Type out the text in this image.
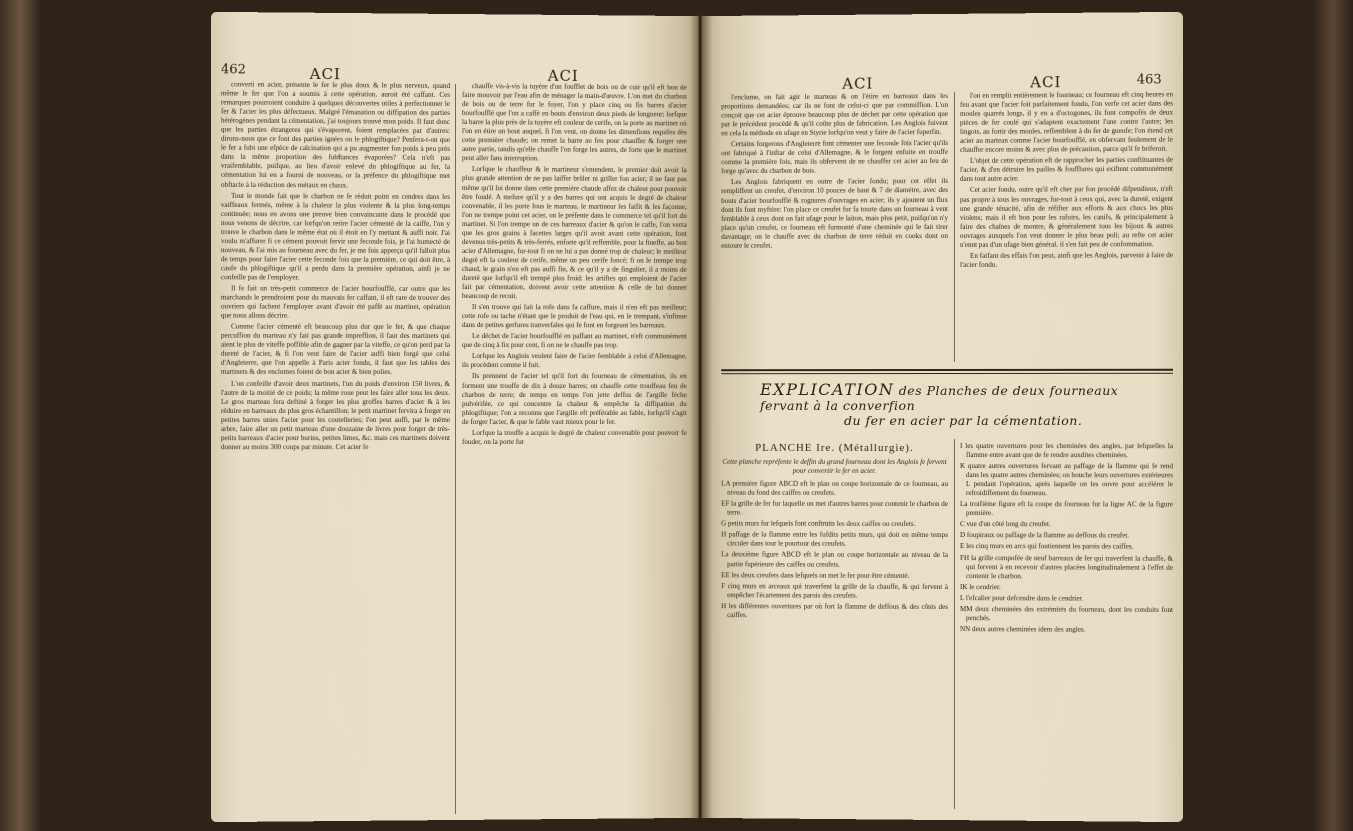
462	ACI	ACI

converti en acier, présente le fer le plus doux & le plus nerveux, quand même le fer que l'on a soumis à cette opération, auroit été caffant. Ces remarques pourroient conduire à quelques découvertes utiles à perfectionner le fer & l'acier les plus défectueux. Malgré l'émanation ou diffipation des parties hétérogènes pendant la cémentation, j'ai toujours trouvé mon poids. Il faut donc que les parties étrangeres qui s'évaporent, foient remplacées par d'autres: dirons-nous que ce font des parties ignées ou le phlogiftique? Penfera-t-on que le fer a fubi une efpèce de calcination qui a pu augmenter fon poids à peu près dans la même proportion des fubftances évaporées? Cela n'eft pas vraifemblable, puifque, au lieu d'avoir enlevé du phlogiftique au fer, la cémentation lui en a fourni de nouveau, or la préfence du phlogiftique met obftacle à la réduction des métaux en chaux.

Tout le monde fait que le charbon ne fe réduit point en cendres dans les vaiffeaux fermés, même à la chaleur la plus violente & la plus long-temps continuée; nous en avons une preuve bien convaincante dans le procédé que nous venons de décrire, car lorfqu'on retire l'acier cémenté de la caiffe, l'on y trouve le charbon dans le même état où il étoit en l'y mettant & auffi noir. J'ai voulu m'affurer fi ce cément pouvoit fervir une feconde fois, je l'ai humecté de nouveau, & l'ai mis au fourneau avec du fer, je me fuis apperçu qu'il falloit plus de temps pour faire l'acier cette feconde fois que la première, ce qui doit être, à caufe du phlogiftique qu'il a perdu dans la première opération, ainfi je ne confeille pas de l'employer.

Il fe fait un très-petit commerce de l'acier bourfoufflé, car outre que les marchands le prendroient pour du mauvais fer caffant, il eft rare de trouver des ouvriers qui fachent l'employer avant d'avoir été paffé au martinet, opération que nous allons décrire.

Comme l'acier cémenté eft beaucoup plus dur que le fer, & que chaque percuffion du marteau n'y fait pas grande impreffion, il faut des martinets qui aient le plus de viteffe poffible afin de gagner par la viteffe, ce qu'on perd par la dureté de l'acier, & fi l'on veut faire de l'acier auffi bien forgé que celui d'Angleterre, que l'on appelle à Paris acier fondu, il faut que les tables des martinets & des enclumes foient de bon acier & bien polies.

L'on confeille d'avoir deux martinets, l'un du poids d'environ 150 livres, & l'autre de la moitié de ce poids; la même roue peut les faire aller tous les deux. Le gros marteau fera deftiné à forger les plus groffes barres d'acier & à les réduire en barreaux du plus gros échantillon; le petit martinet fervira à forger en petites barres unies l'acier pour les coutelleries; l'on peut auffi, par le même arbre, faire aller un petit marteau d'une douzaine de livres pour forger de très-petits barreaux d'acier pour burins, petites limes, &c. mais ces martinets doivent donner au moins 300 coups par minute. Cet acier fe

chauffe vis-à-vis la tuyère d'un foufflet de bois ou de cuir qu'il eft bon de faire mouvoir par l'eau afin de ménager la main-d'œuvre. L'on met du charbon de bois ou de terre fur le foyer, l'on y place cinq ou fix barres d'acier bourfoufflé que l'on a caffé en bouts d'environ deux pieds de longueur; lorfque la barre la plus près de la tuyère eft couleur de cerife, on la porte au martinet où l'on en étire un bout auquel, fi l'on veut, on donne les dimenfions requifes dès cette première chaude; on remet la barre au feu pour chauffer & forger une autre partie, tandis qu'elle chauffe l'on forge les autres, de forte que le martinet peut aller fans interruption.

Lorfque le chauffeur & le martineur s'entendent, le premier doit avoir la plus grande attention de ne pas laiffer brûler ni griller fon acier; il ne faut pas même qu'il lui donne dans cette première chaude affez de chaleur pour pouvoir être foudé. A mefure qu'il y a des barres qui ont acquis le degré de chaleur convenable, il les porte fous le marteau, le martineur les faifit & les façonne, l'on ne trempe point cet acier, on le préfente dans le commerce tel qu'il fort du martinet. Si l'on trempe un de ces barreaux d'acier & qu'on le caffe, l'on verra que les gros grains à facettes larges qu'il avoit avant cette opération, font devenus très-petits & très-ferrés, enforte qu'il reffemble, pour la fineffe, au bon acier d'Allemagne, fur-tout fi on ne lui a pas donné trop de chaleur; le meilleur degré eft la couleur de cerife, même un peu cerife foncé; fi on le trempe trop chaud, le grain n'en eft pas auffi fin, & ce qu'il y a de fingulier, il a moins de dureté que lorfqu'il eft trempé plus froid: les artiftes qui emploient de l'acier fait par cémentation, doivent avoir cette attention & celle de lui donner beaucoup de recuit.

Il s'en trouve qui fait la rofe dans fa caffure, mais il n'en eft pas meilleur; cette rofe ou tache n'étant que le produit de l'eau qui, en le trempant, s'infinue dans de petites gerfures tranverfales qui fe font en forgeant les barreaux.

Le déchet de l'acier bourfoufflé en paffant au martinet, n'eft communément que de cinq à fix pour cent, fi on ne le chauffe pas trop.

Lorfque les Anglois veulent faire de l'acier femblable à celui d'Allemagne, ils procèdent comme il fuit.

Ils prennent de l'acier tel qu'il fort du fourneau de cémentation, ils en forment une trouffe de dix à douze barres; on chauffe cette trouffeau feu de charbon de terre; de temps en temps l'on jette deffus de l'argille fèche pulvérifée, ce qui concentre la chaleur & empêche la diffipation du phlogiftique; l'on a reconnu que l'argille eft préférable au fable, lorfqu'il s'agit de forger l'acier, & que le fable vaut mieux pour le fer.

Lorfque la trouffe a acquis le degré de chaleur convenable pour pouvoir fe fouder, on la porte fur

ACI	ACI	463

l'enclume, on fait agir le marteau & on l'étire en barreaux dans les proportions demandées; car ils ne font de celui-ci que par commiffion. L'on conçoit que cet acier éprouve beaucoup plus de déchet par cette opération que par le précédent procédé & qu'il coûte plus de fabrication. Les Anglois fuivent en cela la méthode en ufage en Styrie lorfqu'on veut y faire de l'acier fuperfin.

Certains forgerons d'Angleterre font cémenter une feconde fois l'acier qu'ils ont fabriqué à l'inftar de celui d'Allemagne, & le forgent enfuite en trouffe comme la première fois, mais ils obfervent de ne chauffer cet acier au feu de forge qu'avec du charbon de bois.

Les Anglois fabriquent en outre de l'acier fondu; pour cet effet ils rempliffent un creufet, d'environ 10 pouces de haut & 7 de diamètre, avec des bouts d'acier bourfoufflé & rognures d'ouvrages en acier; ils y ajoutent un flux dont ils font myftère: l'on place ce creufet fur fa tourte dans un fourneau à vent femblable à ceux dont on fait ufage pour le laiton, mais plus petit, puifqu'on n'y place qu'un creufet, ce fourneau eft furmonté d'une cheminée qui le fait tirer davantage; on le chauffe avec du charbon de terre réduit en cooks dont on entoure le creufet,

l'on en remplit entièrement le fourneau; ce fourneau eft cinq heures en feu avant que l'acier foit parfaitement fondu, l'on verfe cet acier dans des moules quarrés longs, il y en a d'octogones, ils font compofés de deux pièces de fer coulé qui s'adaptent exactement l'une contre l'autre; les lingots, au fortir des moules, reffemblent à du fer de gueufe; l'on étend cet acier au martean comme l'acier bourfoufflé, en obfervant feulement de le chauffer encore moins & avec plus de précaution, parce qu'il fe briferoit.

L'objet de cette opération eft de rapprocher les parties conftituantes de l'acier, & d'en détruire les pailles & foufflures qui exiftent communément dans tout autre acier.

Cet acier fondu, outre qu'il eft cher par fon procédé difpendieux, n'eft pas propre à tous les ouvrages, fur-tout à ceux qui, avec la dureté, exigent une grande ténacité, afin de réfifter aux efforts & aux chocs les plus violens; mais il eft bon pour les rafoirs, les canifs, & principalement à faire des chaînes de montre, & généralement tous les bijoux & autres ouvrages auxquels l'on veut donner le plus beau poli; au refte cet acier n'ennt pas d'un ufage bien général, il s'en fait peu de confommation.

En faifant des effais l'on peut, ainfi que les Anglois, parvenir à faire de l'acier fondu.

PLANCHE Ire. (Métallurgie).
Cette planche repréfente le deffin du grand fourneau dont les Anglois fe fervent pour convertir le fer en acier.
LA première figure ABCD eft le plan ou coupe horizontale de ce fourneau, au niveau du fond des caiffes ou creufets.
EF la grille de fer fur laquelle on met d'autres barres pour contenir le charbon de terre.
G petits murs fur lefquels font conftruits les deux caiffes ou creufets.
H paffage de la flamme entre les fufdits petits murs, qui doit en même temps circuler dans tour le pourtour des creufets.
La deuxième figure ABCD eft le plan ou coupe horizontale au niveau de la partie fupérieure des caiffes ou creufets.
EE les deux creufets dans lefquels on met le fer pour être cémenté.
F cinq murs en arceaux qui traverfent la grille de la chauffe, & qui fervent à empêcher l'écartement des parois des creufets.
H les différentes ouvertures par où fort la flamme de deffous & des côtés des caiffes.
I les quatre ouvertures pour les cheminées des angles, par lefquelles la flamme entre avant que de fe rendre auxdites cheminées.
K quatre autres ouvertures fervant au paffage de la flamme qui fe rend dans les quatre autres cheminées; on bouche leurs ouvertures extérieures L pendant l'opération, après laquelle on les ouvre pour accélérer le refroidiffement du fourneau.
La troifième figure eft la coupe du fourneau fur la ligne AC de la figure première.
C vue d'un côté long du creufet.
D foupiraux ou paffage de la flamme au deffous du creufet.
E les cinq murs en arcs qui foutiennent les parois des caiffes.
FH la grille compofée de neuf barreaux de fer qui traverfent la chauffe, & qui fervent à en recevoir d'autres placées longitudinalement à l'effet de contenir le charbon.
IK le cendrier.
L l'efcalier pour defcendre dans le cendrier.
MM deux cheminées des extrémités du fourneau, dont les conduits font penchés.
NN deux autres cheminées idem des angles.
EXPLICATION des Planches de deux fourneaux fervant à la converfion
du fer en acier par la cémentation.
